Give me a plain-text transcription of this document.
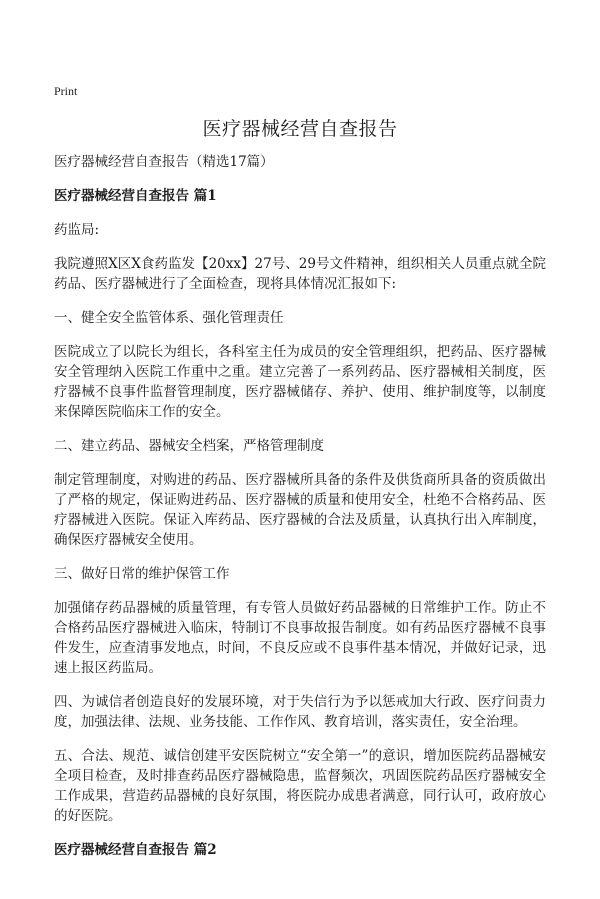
Print
医疗器械经营自查报告

医疗器械经营自查报告（精选17篇）

医疗器械经营自查报告 篇1

药监局:

我院遵照X区X食药监发【20xx】27号、29号文件精神，组织相关人员重点就全院药品、医疗器械进行了全面检查，现将具体情况汇报如下:

一、健全安全监管体系、强化管理责任

医院成立了以院长为组长，各科室主任为成员的安全管理组织，把药品、医疗器械安全管理纳入医院工作重中之重。建立完善了一系列药品、医疗器械相关制度，医疗器械不良事件监督管理制度，医疗器械储存、养护、使用、维护制度等，以制度来保障医院临床工作的安全。

二、建立药品、器械安全档案，严格管理制度

制定管理制度，对购进的药品、医疗器械所具备的条件及供货商所具备的资质做出了严格的规定，保证购进药品、医疗器械的质量和使用安全，杜绝不合格药品、医疗器械进入医院。保证入库药品、医疗器械的合法及质量，认真执行出入库制度，确保医疗器械安全使用。

三、做好日常的维护保管工作

加强储存药品器械的质量管理，有专管人员做好药品器械的日常维护工作。防止不合格药品医疗器械进入临床，特制订不良事故报告制度。如有药品医疗器械不良事件发生，应查清事发地点，时间，不良反应或不良事件基本情况，并做好记录，迅速上报区药监局。

四、为诚信者创造良好的发展环境，对于失信行为予以惩戒加大行政、医疗问责力度，加强法律、法规、业务技能、工作作风、教育培训，落实责任，安全治理。

五、合法、规范、诚信创建平安医院树立“安全第一”的意识，增加医院药品器械安全项目检查，及时排查药品医疗器械隐患，监督频次，巩固医院药品医疗器械安全工作成果，营造药品器械的良好氛围，将医院办成患者满意，同行认可，政府放心的好医院。

医疗器械经营自查报告 篇2
